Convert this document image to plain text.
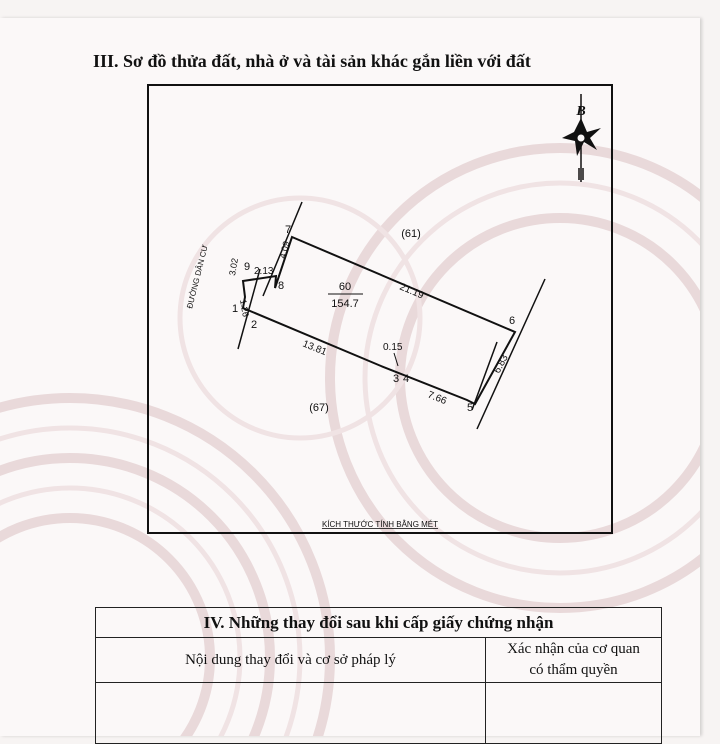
III. Sơ đồ thửa đất, nhà ở và tài sản khác gắn liền với đất
7
9
8
1
2
3 4
5
6
21.19
6.83
7.66
0.15
13.81
1.26
3.02 2.13
4.09
60
154.7
(61)
(67)
ĐƯỜNG DÂN CƯ
B
KÍCH THƯỚC TÍNH BẰNG MÉT
IV. Những thay đổi sau khi cấp giấy chứng nhận	
Nội dung thay đổi và cơ sở pháp lý	Xác nhận của cơ quan
có thẩm quyền
